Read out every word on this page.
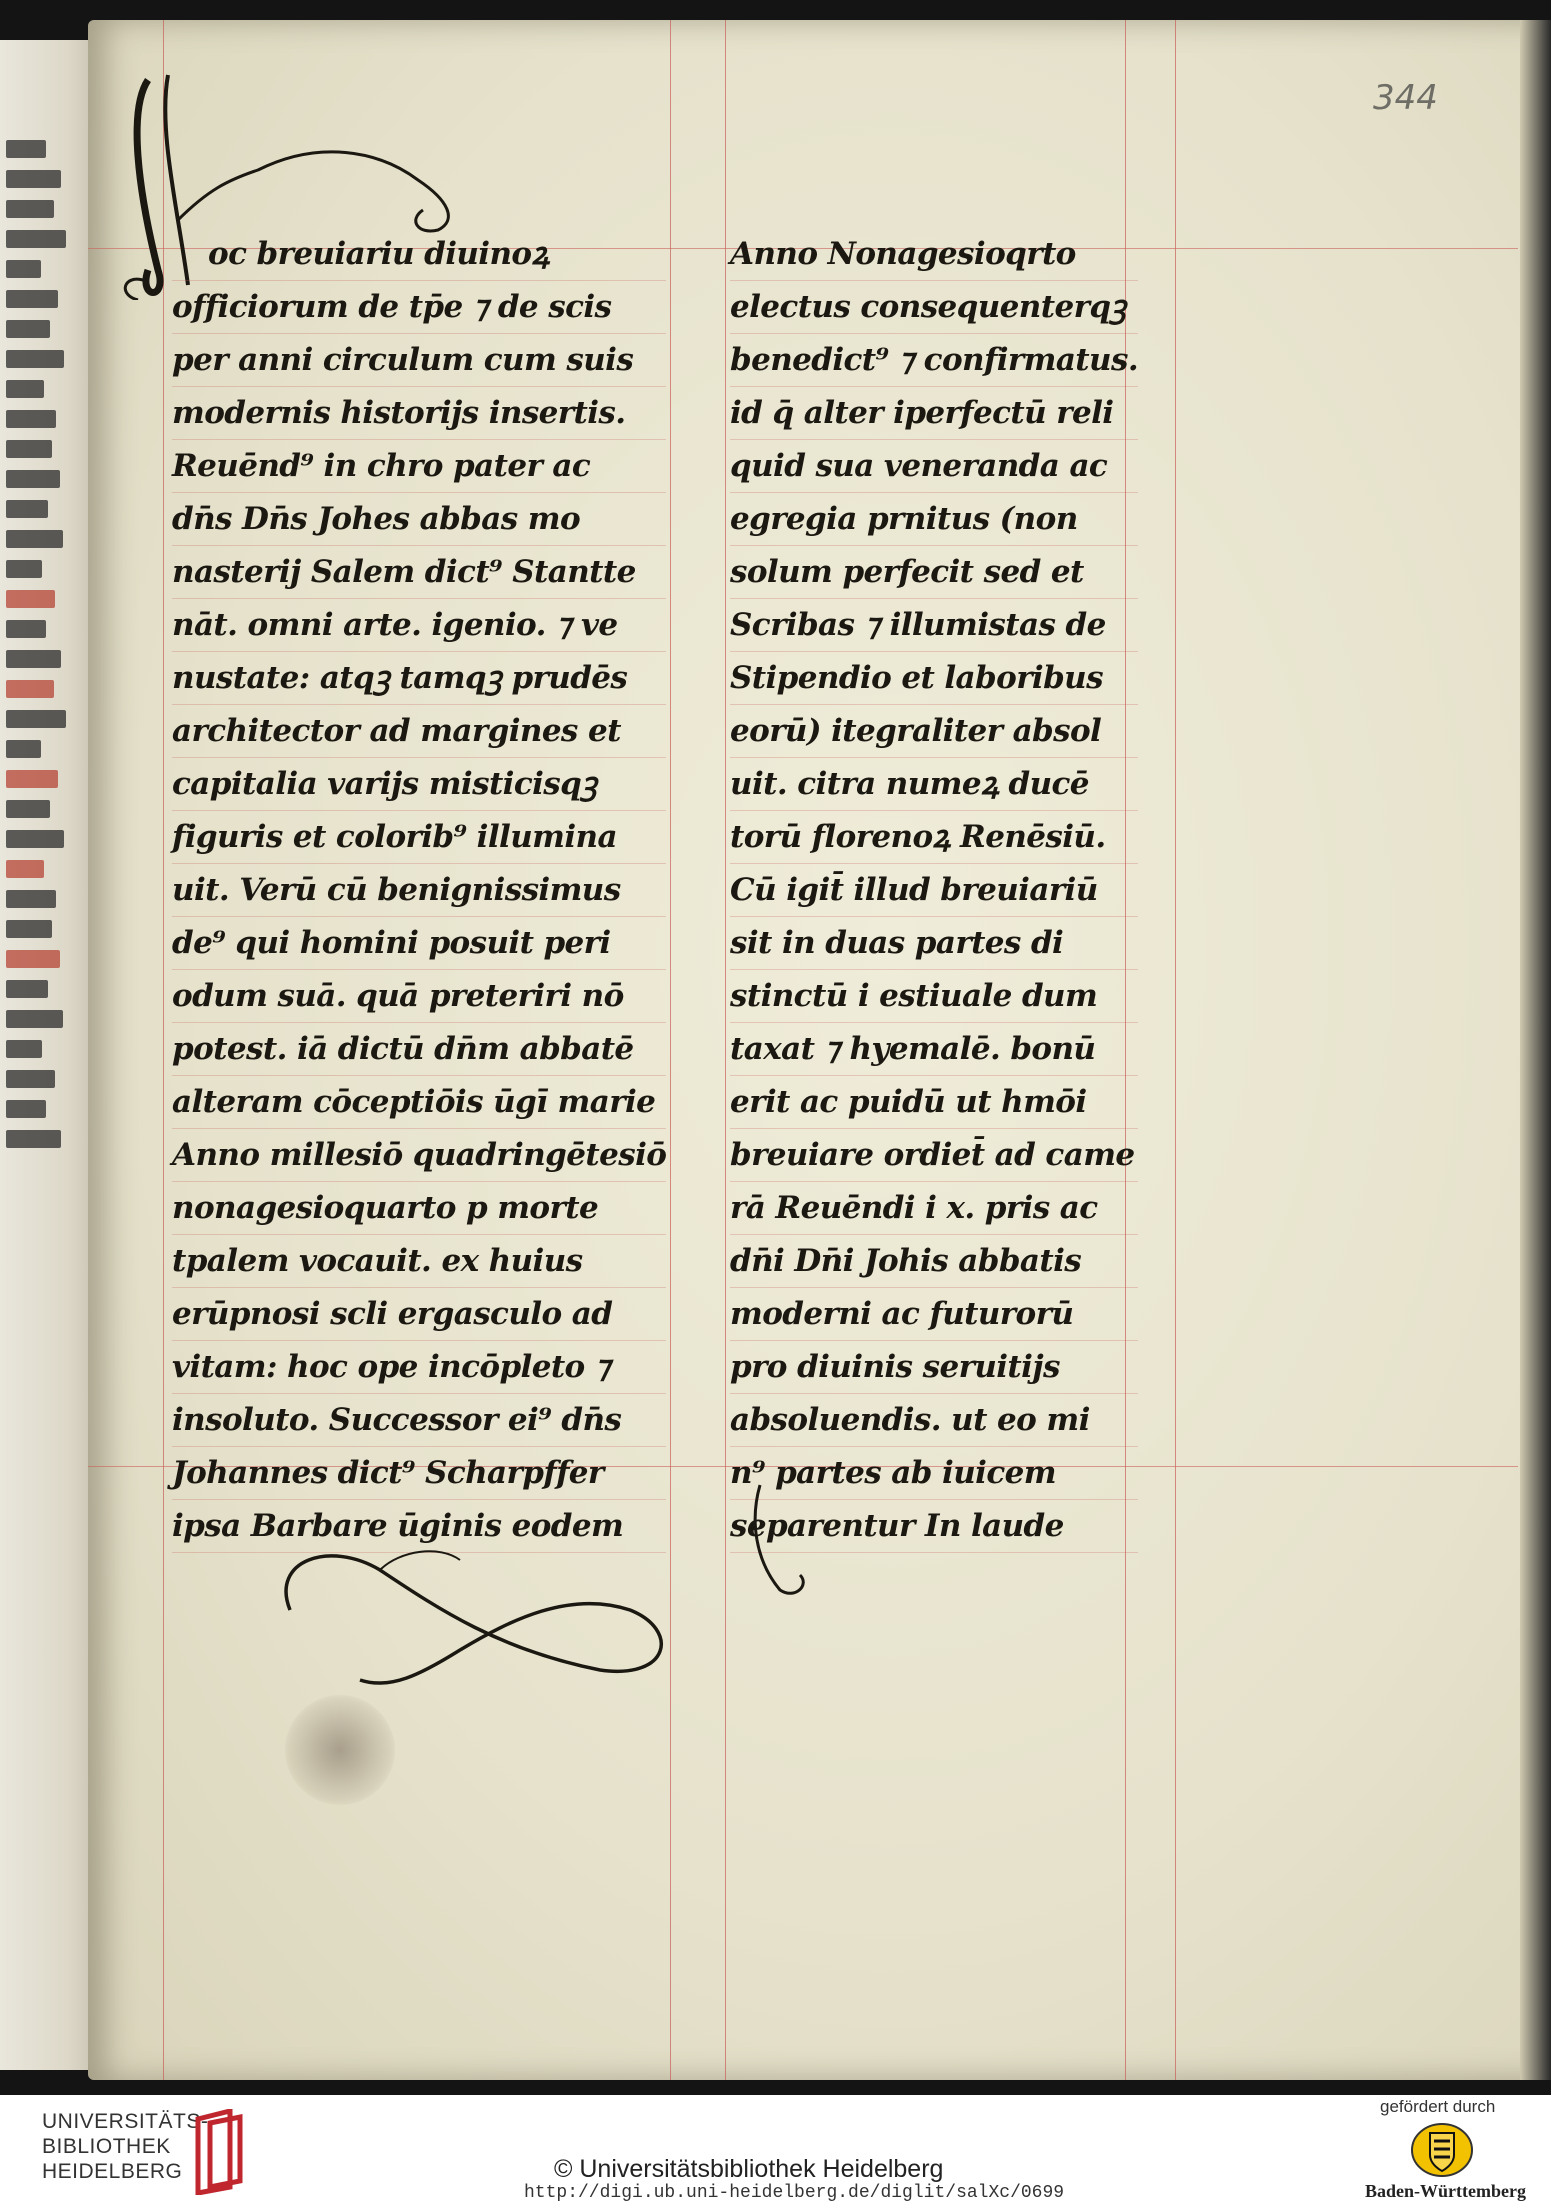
344
oc breuiariu diuinoꝝ
officiorum de tp̄e ⁊ de scis
per anni circulum cum suis
modernis historijs insertis.
Reuēnd⁹ in chro pater ac
dn̄s Dn̄s Johes abbas mo
nasterij Salem dict⁹ Stantte
nāt. omni arte. igenio. ⁊ ve
nustate: atqꝫ tamqꝫ prudēs
architector ad margines et
capitalia varijs misticisqꝫ
figuris et colorib⁹ illumina
uit. Verū cū benignissimus
de⁹ qui homini posuit peri
odum suā. quā preteriri nō
potest. iā dictū dn̄m abbatē
alteram cōceptiōis ūgī marie
Anno millesiō quadringētesiō
nonagesioquarto p morte
tpalem vocauit. ex huius
erūpnosi scli ergasculo ad
vitam: hoc ope incōpleto ⁊
insoluto. Successor ei⁹ dn̄s
Johannes dict⁹ Scharpffer
ipsa Barbare ūginis eodem
Anno Nonagesioqrto
electus consequenterqꝫ
benedict⁹ ⁊ confirmatus.
id q̄ alter iperfectū reli
quid sua veneranda ac
egregia prnitus (non
solum perfecit sed et
Scribas ⁊ illumistas de
Stipendio et laboribus
eorū) itegraliter absol
uit. citra numeꝝ ducē
torū florenoꝝ Renēsiū.
Cū igit̄ illud breuiariū
sit in duas partes di
stinctū i estiuale dum
taxat ⁊ hyemalē. bonū
erit ac puidū ut hmōi
breuiare ordiet̄ ad came
rā Reuēndi i x. pris ac
dn̄i Dn̄i Johis abbatis
moderni ac futurorū
pro diuinis seruitijs
absoluendis. ut eo mi
n⁹ partes ab iuicem
separentur In laude
UNIVERSITÄTS-
BIBLIOTHEK
HEIDELBERG	© Universitätsbibliothek Heidelberg
http://digi.ub.uni-heidelberg.de/diglit/salXc/0699
gefördert durch
Baden-Württemberg
